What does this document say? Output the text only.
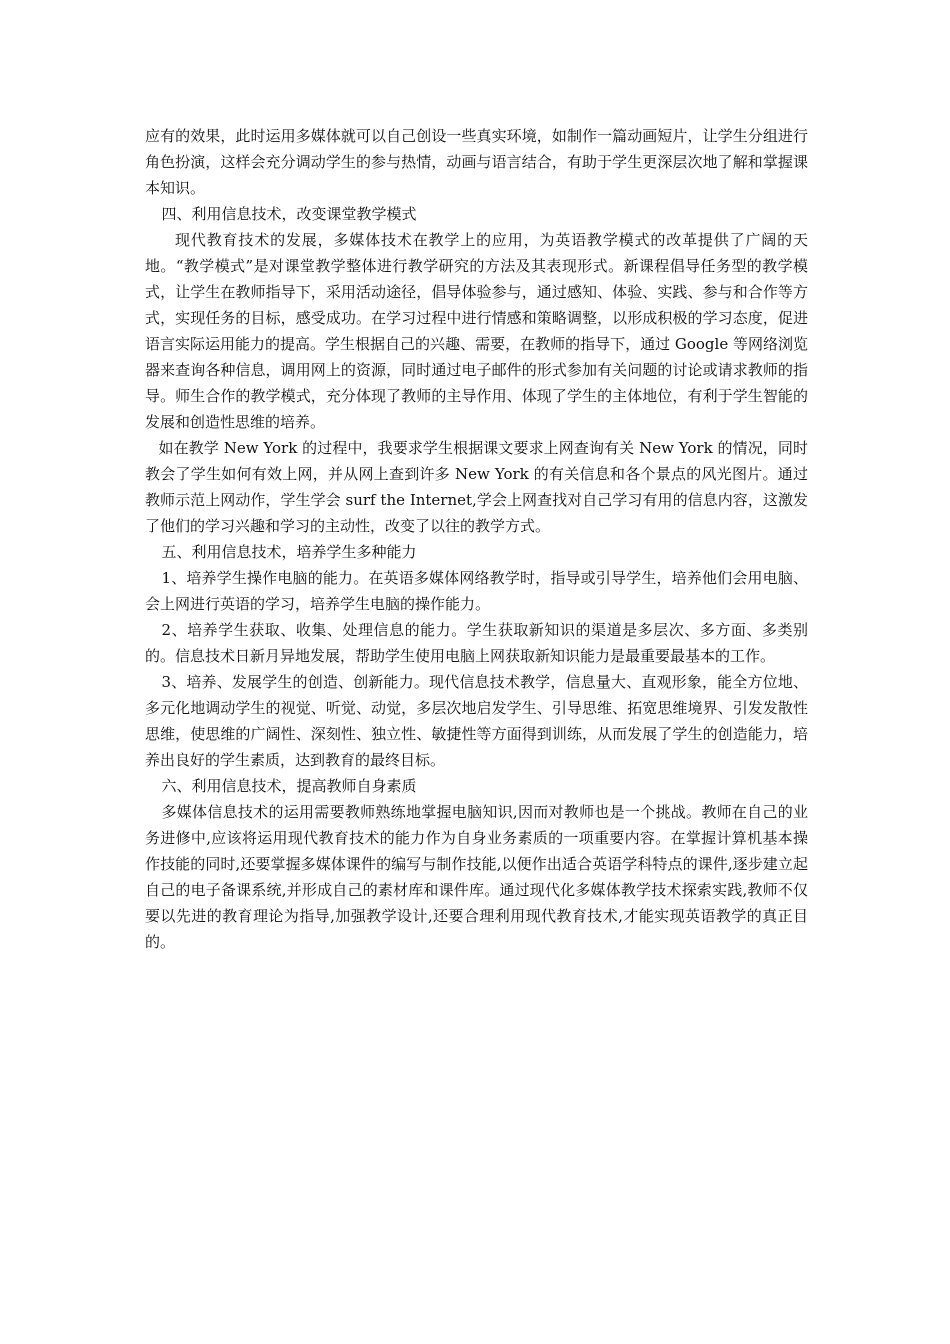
应有的效果，此时运用多媒体就可以自己创设一些真实环境，如制作一篇动画短片，让学生分组进行角色扮演，这样会充分调动学生的参与热情，动画与语言结合，有助于学生更深层次地了解和掌握课本知识。

四、利用信息技术，改变课堂教学模式

现代教育技术的发展，多媒体技术在教学上的应用，为英语教学模式的改革提供了广阔的天地。“教学模式”是对课堂教学整体进行教学研究的方法及其表现形式。新课程倡导任务型的教学模式，让学生在教师指导下，采用活动途径，倡导体验参与，通过感知、体验、实践、参与和合作等方式，实现任务的目标，感受成功。在学习过程中进行情感和策略调整，以形成积极的学习态度，促进语言实际运用能力的提高。学生根据自己的兴趣、需要，在教师的指导下，通过 Google 等网络浏览器来查询各种信息，调用网上的资源，同时通过电子邮件的形式参加有关问题的讨论或请求教师的指导。师生合作的教学模式，充分体现了教师的主导作用、体现了学生的主体地位，有利于学生智能的发展和创造性思维的培养。

如在教学 New York 的过程中，我要求学生根据课文要求上网查询有关 New York 的情况，同时教会了学生如何有效上网，并从网上查到许多 New York 的有关信息和各个景点的风光图片。通过教师示范上网动作，学生学会 surf the Internet,学会上网查找对自己学习有用的信息内容，这激发了他们的学习兴趣和学习的主动性，改变了以往的教学方式。

五、利用信息技术，培养学生多种能力

1、培养学生操作电脑的能力。在英语多媒体网络教学时，指导或引导学生，培养他们会用电脑、会上网进行英语的学习，培养学生电脑的操作能力。

2、培养学生获取、收集、处理信息的能力。学生获取新知识的渠道是多层次、多方面、多类别的。信息技术日新月异地发展，帮助学生使用电脑上网获取新知识能力是最重要最基本的工作。

3、培养、发展学生的创造、创新能力。现代信息技术教学，信息量大、直观形象，能全方位地、多元化地调动学生的视觉、听觉、动觉，多层次地启发学生、引导思维、拓宽思维境界、引发发散性思维，使思维的广阔性、深刻性、独立性、敏捷性等方面得到训练，从而发展了学生的创造能力，培养出良好的学生素质，达到教育的最终目标。

六、利用信息技术，提高教师自身素质

多媒体信息技术的运用需要教师熟练地掌握电脑知识,因而对教师也是一个挑战。教师在自己的业务进修中,应该将运用现代教育技术的能力作为自身业务素质的一项重要内容。在掌握计算机基本操作技能的同时,还要掌握多媒体课件的编写与制作技能,以便作出适合英语学科特点的课件,逐步建立起自己的电子备课系统,并形成自己的素材库和课件库。通过现代化多媒体教学技术探索实践,教师不仅要以先进的教育理论为指导,加强教学设计,还要合理利用现代教育技术,才能实现英语教学的真正目的。
